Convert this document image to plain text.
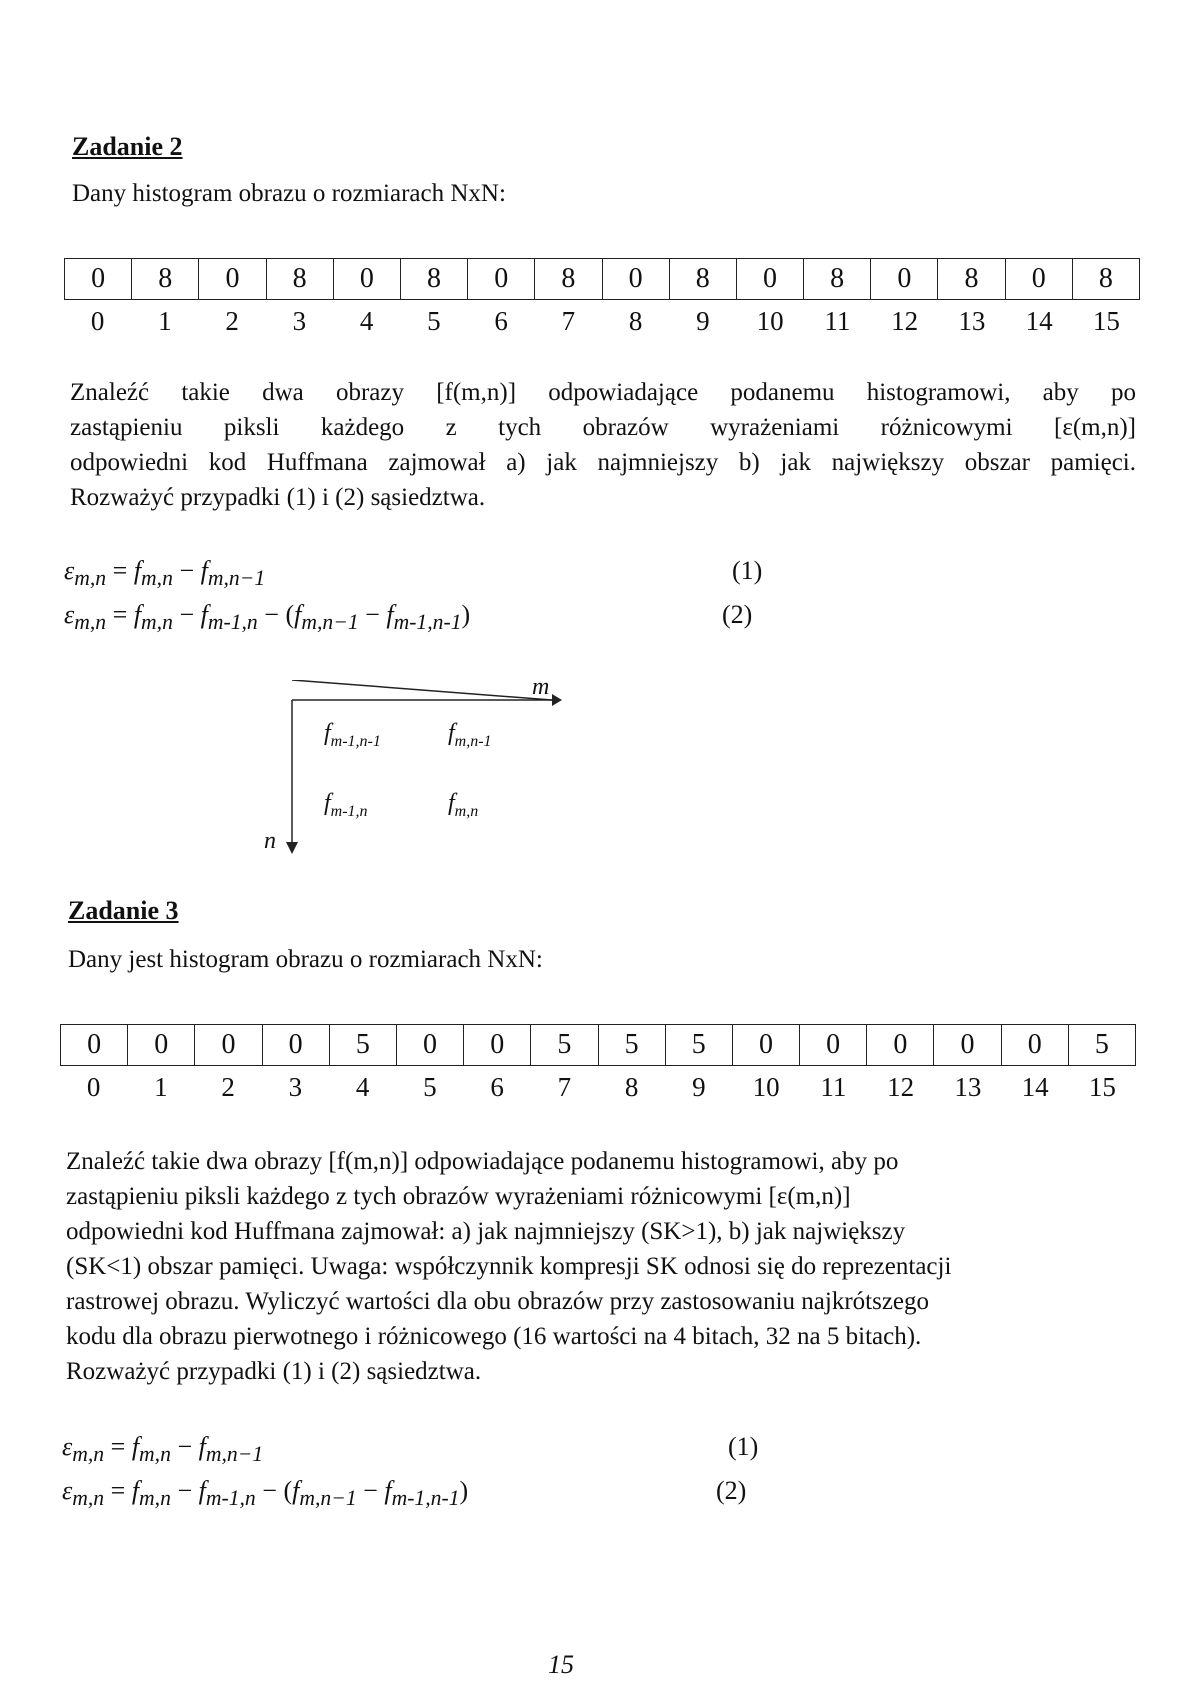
Zadanie 2
Dany histogram obrazu o rozmiarach NxN:
0	8	0	8	0	8	0	8	0	8	0	8	0	8	0	8
0	1	2	3	4	5	6	7	8	9	10	11	12	13	14	15
Znaleźć takie dwa obrazy [f(m,n)] odpowiadające podanemu histogramowi, aby po
zastąpieniu piksli każdego z tych obrazów wyrażeniami różnicowymi [ε(m,n)]
odpowiedni kod Huffmana zajmował a) jak najmniejszy b) jak największy obszar pamięci.
Rozważyć przypadki (1) i (2) sąsiedztwa.
$\varepsilon_{m,n} = f_{m,n} - f_{m,n-1}$	(1)
$\varepsilon_{m,n} = f_{m,n} - f_{m-1,n} - (f_{m,n-1} - f_{m-1,n-1})$	(2)
m
n
$f_{m-1,n-1}$	$f_{m,n-1}$
$f_{m-1,n}$	$f_{m,n}$
Zadanie 3
Dany jest histogram obrazu o rozmiarach NxN:
0	0	0	0	5	0	0	5	5	5	0	0	0	0	0	5
0	1	2	3	4	5	6	7	8	9	10	11	12	13	14	15
Znaleźć takie dwa obrazy [f(m,n)] odpowiadające podanemu histogramowi, aby po
zastąpieniu piksli każdego z tych obrazów wyrażeniami różnicowymi [ε(m,n)]
odpowiedni kod Huffmana zajmował: a) jak najmniejszy (SK>1), b) jak największy
(SK<1) obszar pamięci. Uwaga: współczynnik kompresji SK odnosi się do reprezentacji
rastrowej obrazu. Wyliczyć wartości dla obu obrazów przy zastosowaniu najkrótszego
kodu dla obrazu pierwotnego i różnicowego (16 wartości na 4 bitach, 32 na 5 bitach).
Rozważyć przypadki (1) i (2) sąsiedztwa.
$\varepsilon_{m,n} = f_{m,n} - f_{m,n-1}$	(1)
$\varepsilon_{m,n} = f_{m,n} - f_{m-1,n} - (f_{m,n-1} - f_{m-1,n-1})$	(2)
15
